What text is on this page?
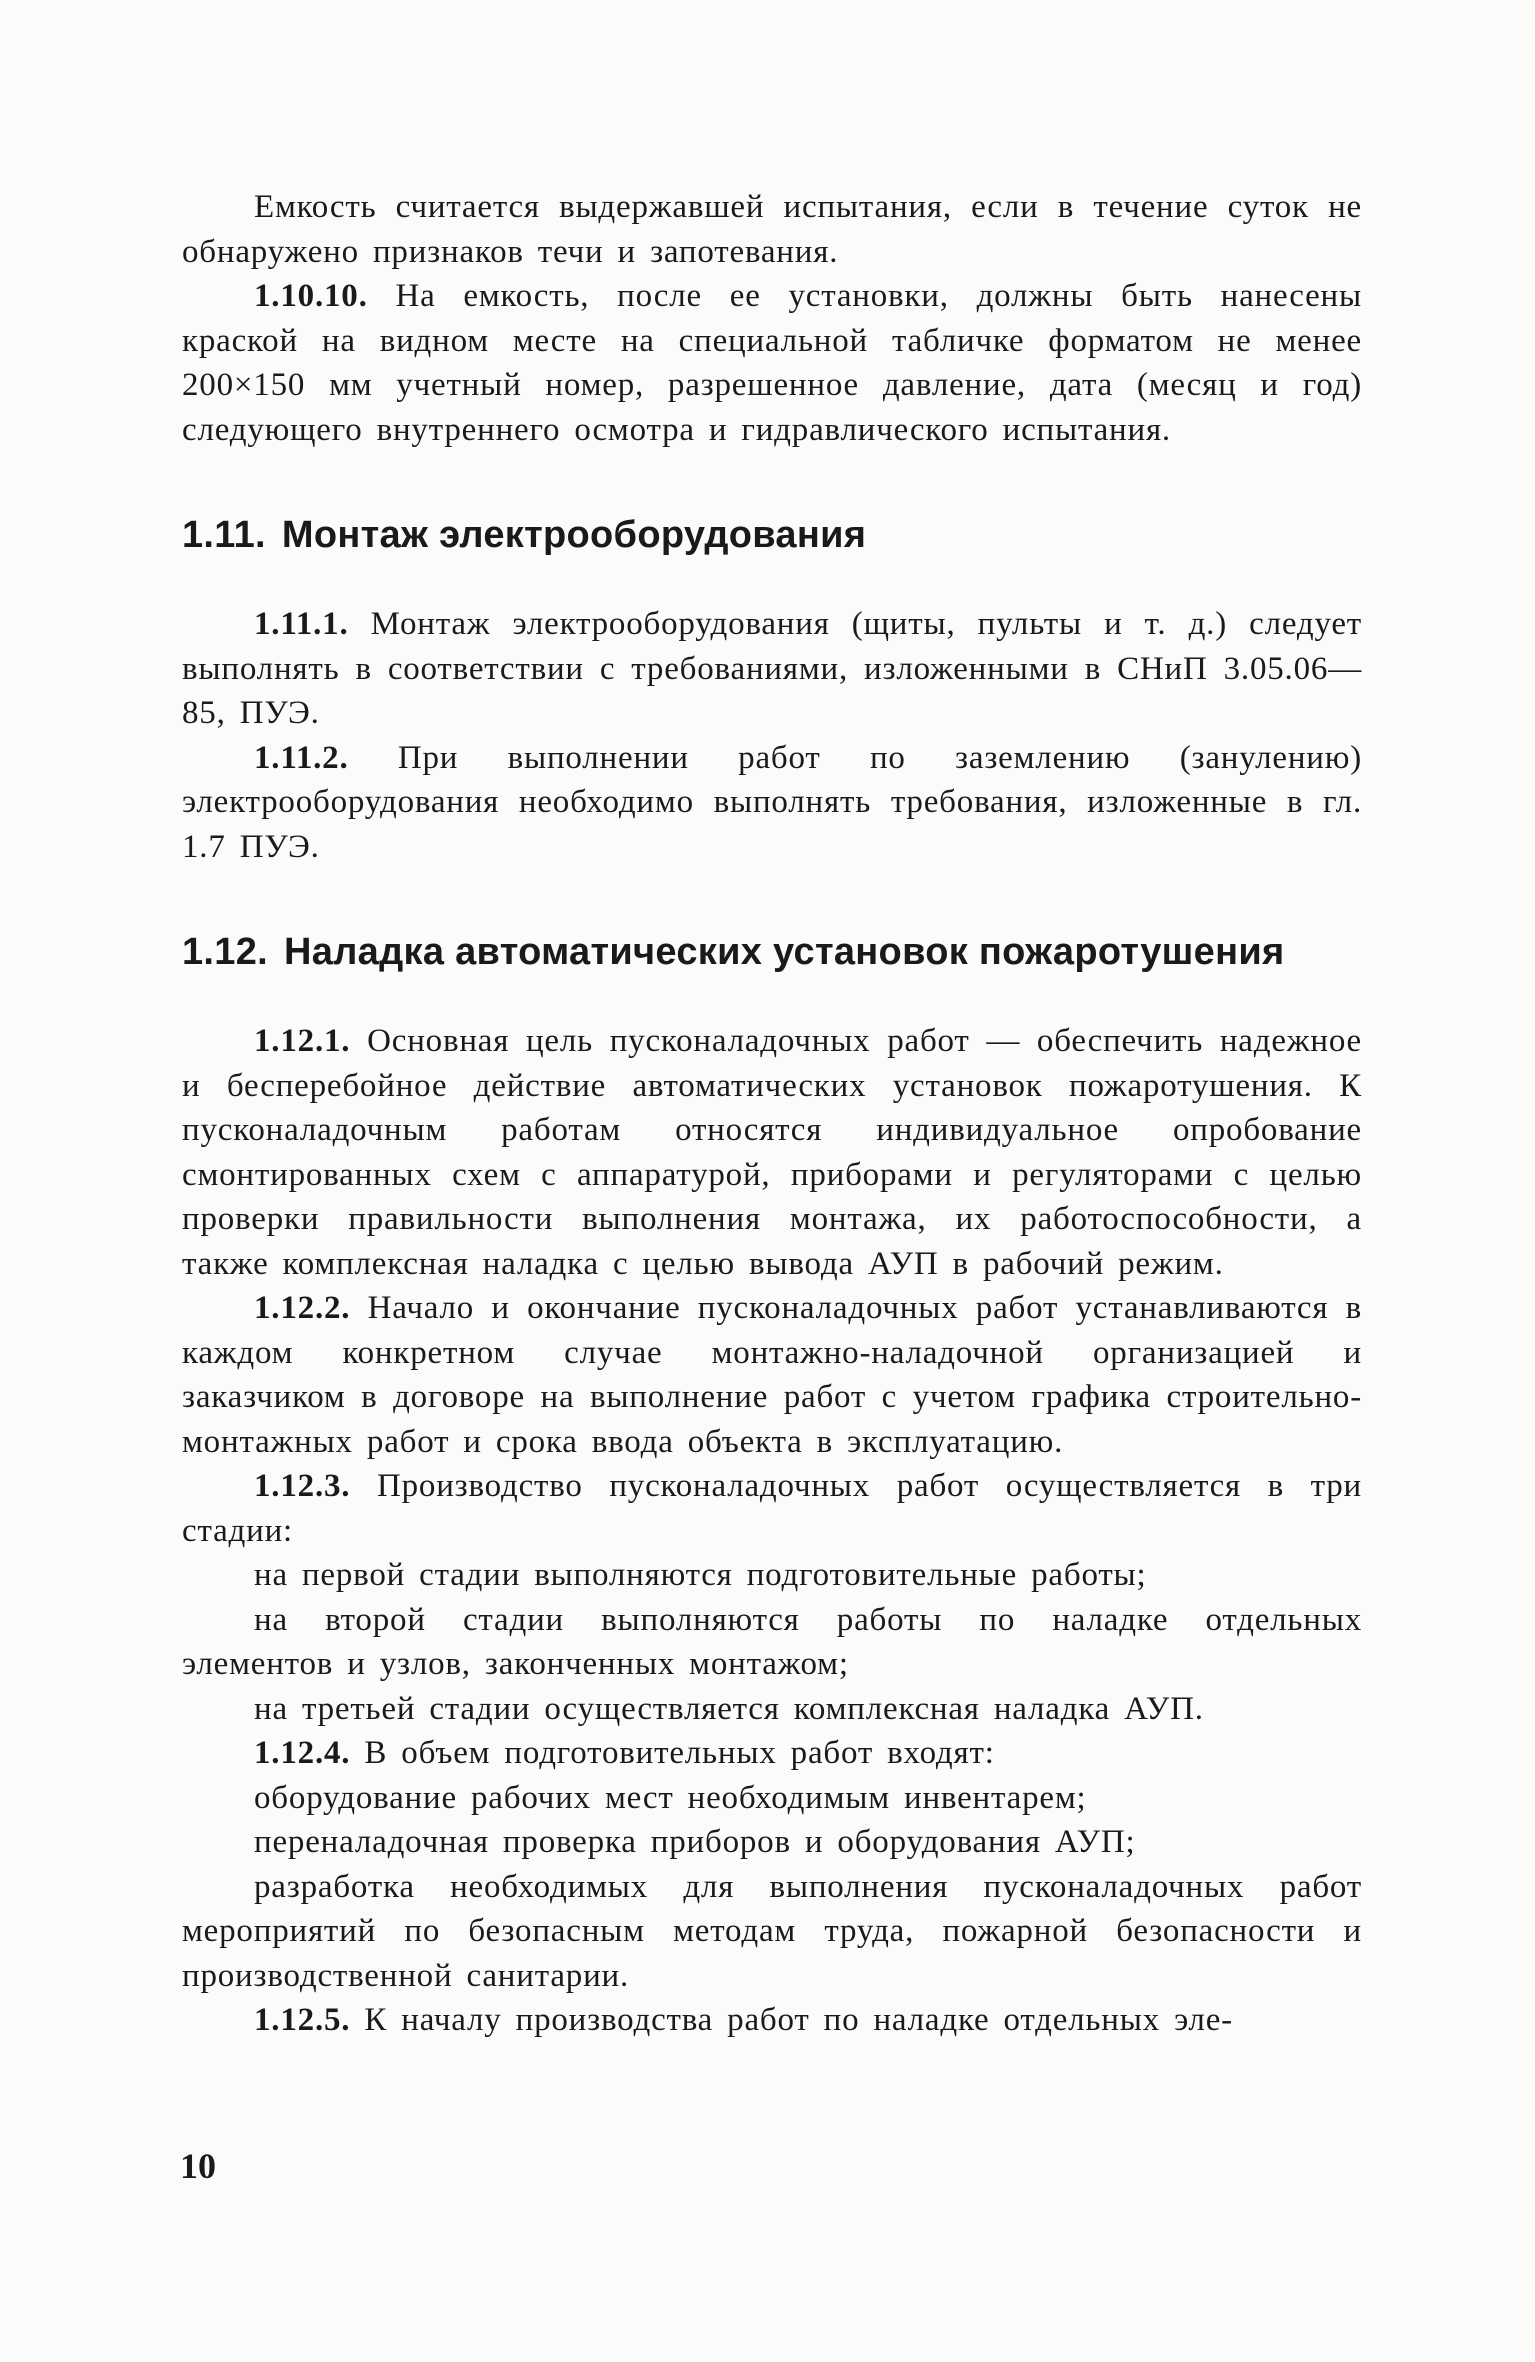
Емкость считается выдержавшей испытания, если в течение суток не обнаружено признаков течи и запотевания.

1.10.10. На емкость, после ее установки, должны быть нанесены краской на видном месте на специальной табличке форматом не менее 200×150 мм учетный номер, разрешенное давление, дата (месяц и год) следующего внутреннего осмотра и гидравлического испытания.

1.11. Монтаж электрооборудования

1.11.1. Монтаж электрооборудования (щиты, пульты и т. д.) следует выполнять в соответствии с требованиями, изложенными в СНиП 3.05.06—85, ПУЭ.

1.11.2. При выполнении работ по заземлению (занулению) электрооборудования необходимо выполнять требования, изложенные в гл. 1.7 ПУЭ.

1.12. Наладка автоматических установок пожаротушения

1.12.1. Основная цель пусконаладочных работ — обеспечить надежное и бесперебойное действие автоматических установок пожаротушения. К пусконаладочным работам относятся индивидуальное опробование смонтированных схем с аппаратурой, приборами и регуляторами с целью проверки правильности выполнения монтажа, их работоспособности, а также комплексная наладка с целью вывода АУП в рабочий режим.

1.12.2. Начало и окончание пусконаладочных работ устанавливаются в каждом конкретном случае монтажно-наладочной организацией и заказчиком в договоре на выполнение работ с учетом графика строительно-монтажных работ и срока ввода объекта в эксплуатацию.

1.12.3. Производство пусконаладочных работ осуществляется в три стадии:

на первой стадии выполняются подготовительные работы;

на второй стадии выполняются работы по наладке отдельных элементов и узлов, законченных монтажом;

на третьей стадии осуществляется комплексная наладка АУП.

1.12.4. В объем подготовительных работ входят:

оборудование рабочих мест необходимым инвентарем;

переналадочная проверка приборов и оборудования АУП;

разработка необходимых для выполнения пусконаладочных работ мероприятий по безопасным методам труда, пожарной безопасности и производственной санитарии.

1.12.5. К началу производства работ по наладке отдельных эле-

10
